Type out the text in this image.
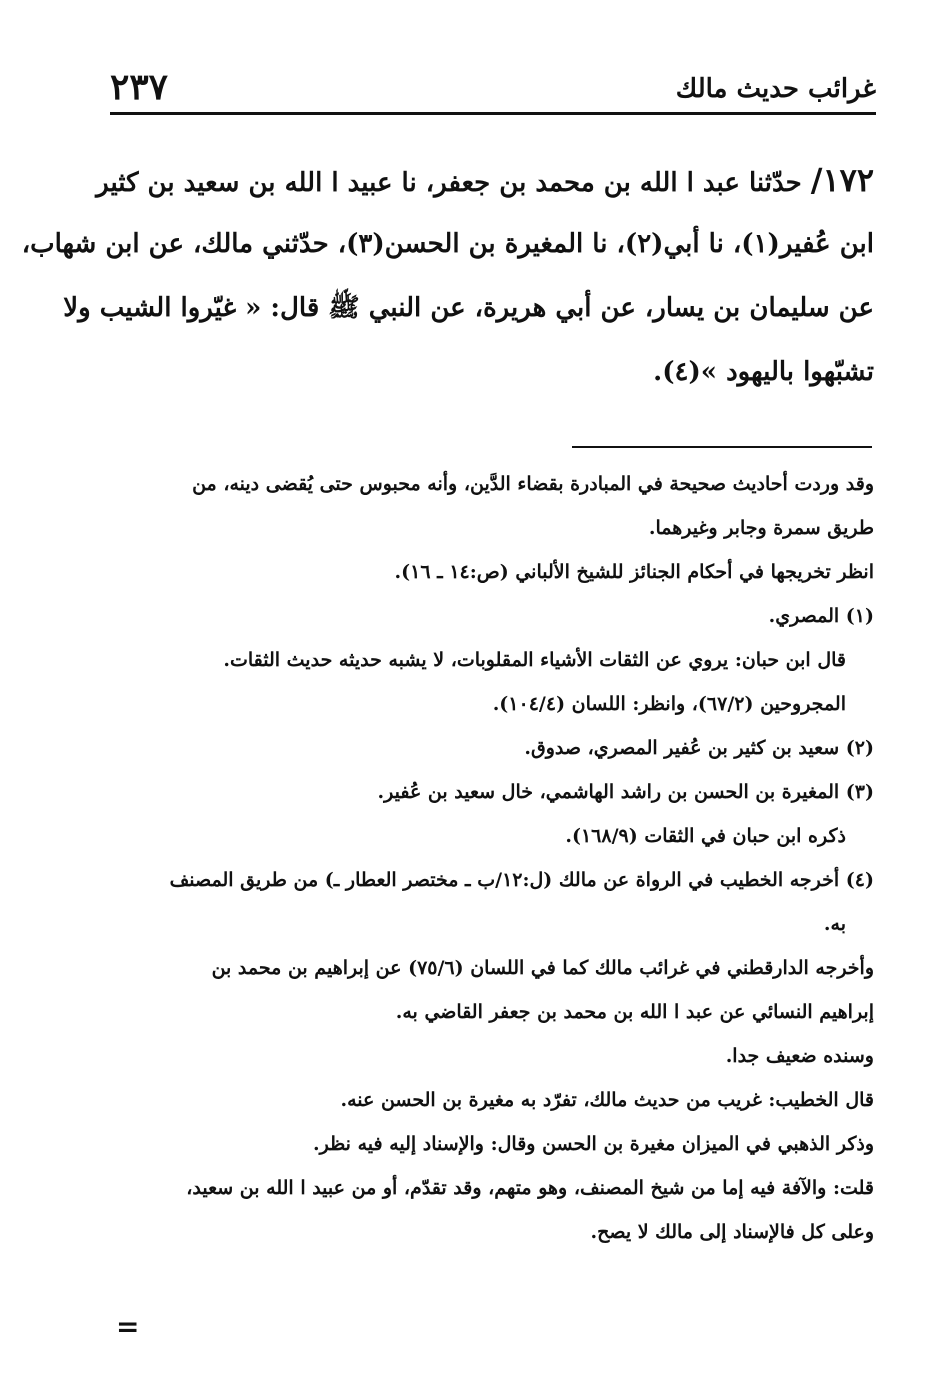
غرائب حديث مالك
٢٣٧
١٧٢/ حدّثنا عبد ا الله بن محمد بن جعفر، نا عبيد ا الله بن سعيد بن كثير
ابن عُفير(١)، نا أبي(٢)، نا المغيرة بن الحسن(٣)، حدّثني مالك، عن ابن شهاب،
عن سليمان بن يسار، عن أبي هريرة، عن النبي ﷺ قال: « غيّروا الشيب ولا
تشبّهوا باليهود »(٤).
وقد وردت أحاديث صحيحة في المبادرة بقضاء الدَّين، وأنه محبوس حتى يُقضى دينه، من
طريق سمرة وجابر وغيرهما.
انظر تخريجها في أحكام الجنائز للشيخ الألباني (ص:١٤ ـ ١٦).
(١) المصري.
قال ابن حبان: يروي عن الثقات الأشياء المقلوبات، لا يشبه حديثه حديث الثقات.
المجروحين (٦٧/٢)، وانظر: اللسان (١٠٤/٤).
(٢) سعيد بن كثير بن عُفير المصري، صدوق.
(٣) المغيرة بن الحسن بن راشد الهاشمي، خال سعيد بن عُفير.
ذكره ابن حبان في الثقات (١٦٨/٩).
(٤) أخرجه الخطيب في الرواة عن مالك (ل:١٢/ب ـ مختصر العطار ـ) من طريق المصنف
به.
وأخرجه الدارقطني في غرائب مالك كما في اللسان (٧٥/٦) عن إبراهيم بن محمد بن
إبراهيم النسائي عن عبد ا الله بن محمد بن جعفر القاضي به.
وسنده ضعيف جدا.
قال الخطيب: غريب من حديث مالك، تفرّد به مغيرة بن الحسن عنه.
وذكر الذهبي في الميزان مغيرة بن الحسن وقال: والإسناد إليه فيه نظر.
قلت: والآفة فيه إما من شيخ المصنف، وهو متهم، وقد تقدّم، أو من عبيد ا الله بن سعيد،
وعلى كل فالإسناد إلى مالك لا يصح.
=
